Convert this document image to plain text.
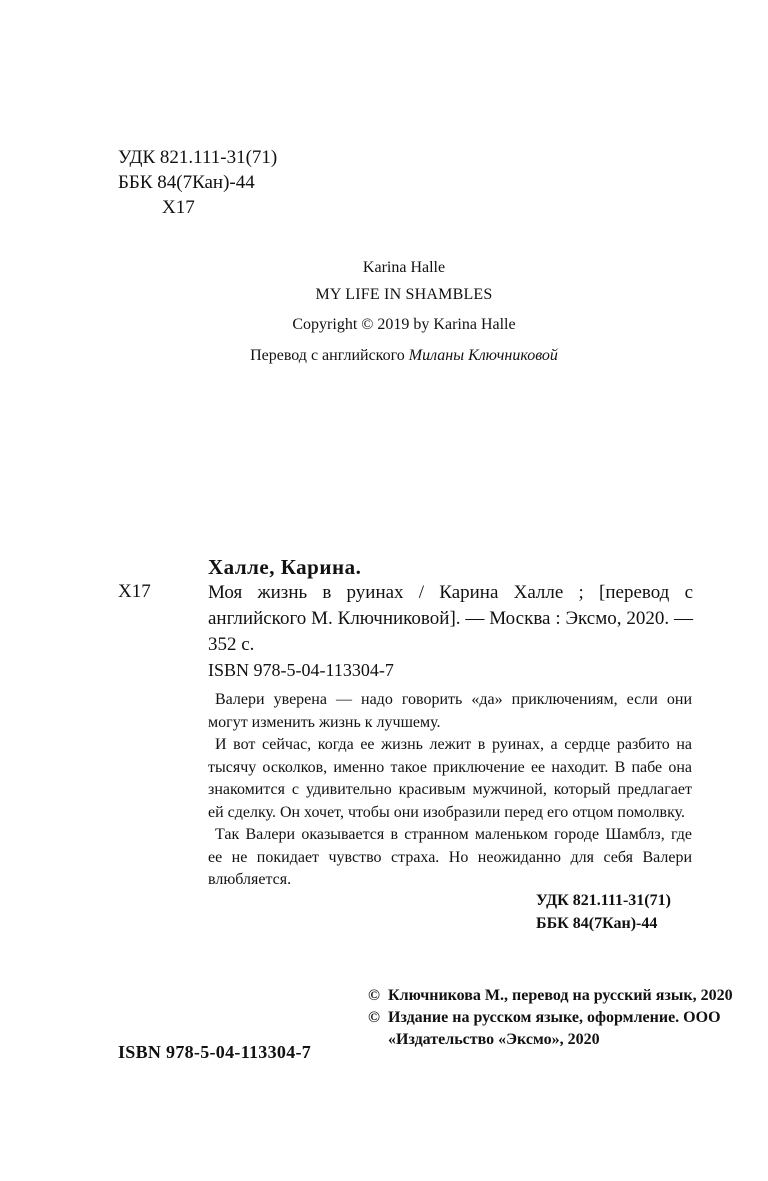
УДК 821.111-31(71)
ББК 84(7Кан)-44
Х17
Karina Halle
MY LIFE IN SHAMBLES
Copyright © 2019 by Karina Halle
Перевод с английского Миланы Ключниковой
Халле, Карина.
Х17	Моя жизнь в руинах / Карина Халле ; [перевод с английского М. Ключниковой]. — Москва : Эксмо, 2020. — 352 с.
ISBN 978-5-04-113304-7

Валери уверена — надо говорить «да» приключениям, если они могут изменить жизнь к лучшему.

И вот сейчас, когда ее жизнь лежит в руинах, а сердце разбито на тысячу осколков, именно такое приключение ее находит. В пабе она знакомится с удивительно красивым мужчиной, который предлагает ей сделку. Он хочет, чтобы они изобразили перед его отцом помолвку.

Так Валери оказывается в странном маленьком городе Шамблз, где ее не покидает чувство страха. Но неожиданно для себя Валери влюбляется.

УДК 821.111-31(71)
ББК 84(7Кан)-44
ISBN 978-5-04-113304-7
© Ключникова М., перевод на русский язык, 2020
© Издание на русском языке, оформление. ООО «Издательство «Эксмо», 2020
